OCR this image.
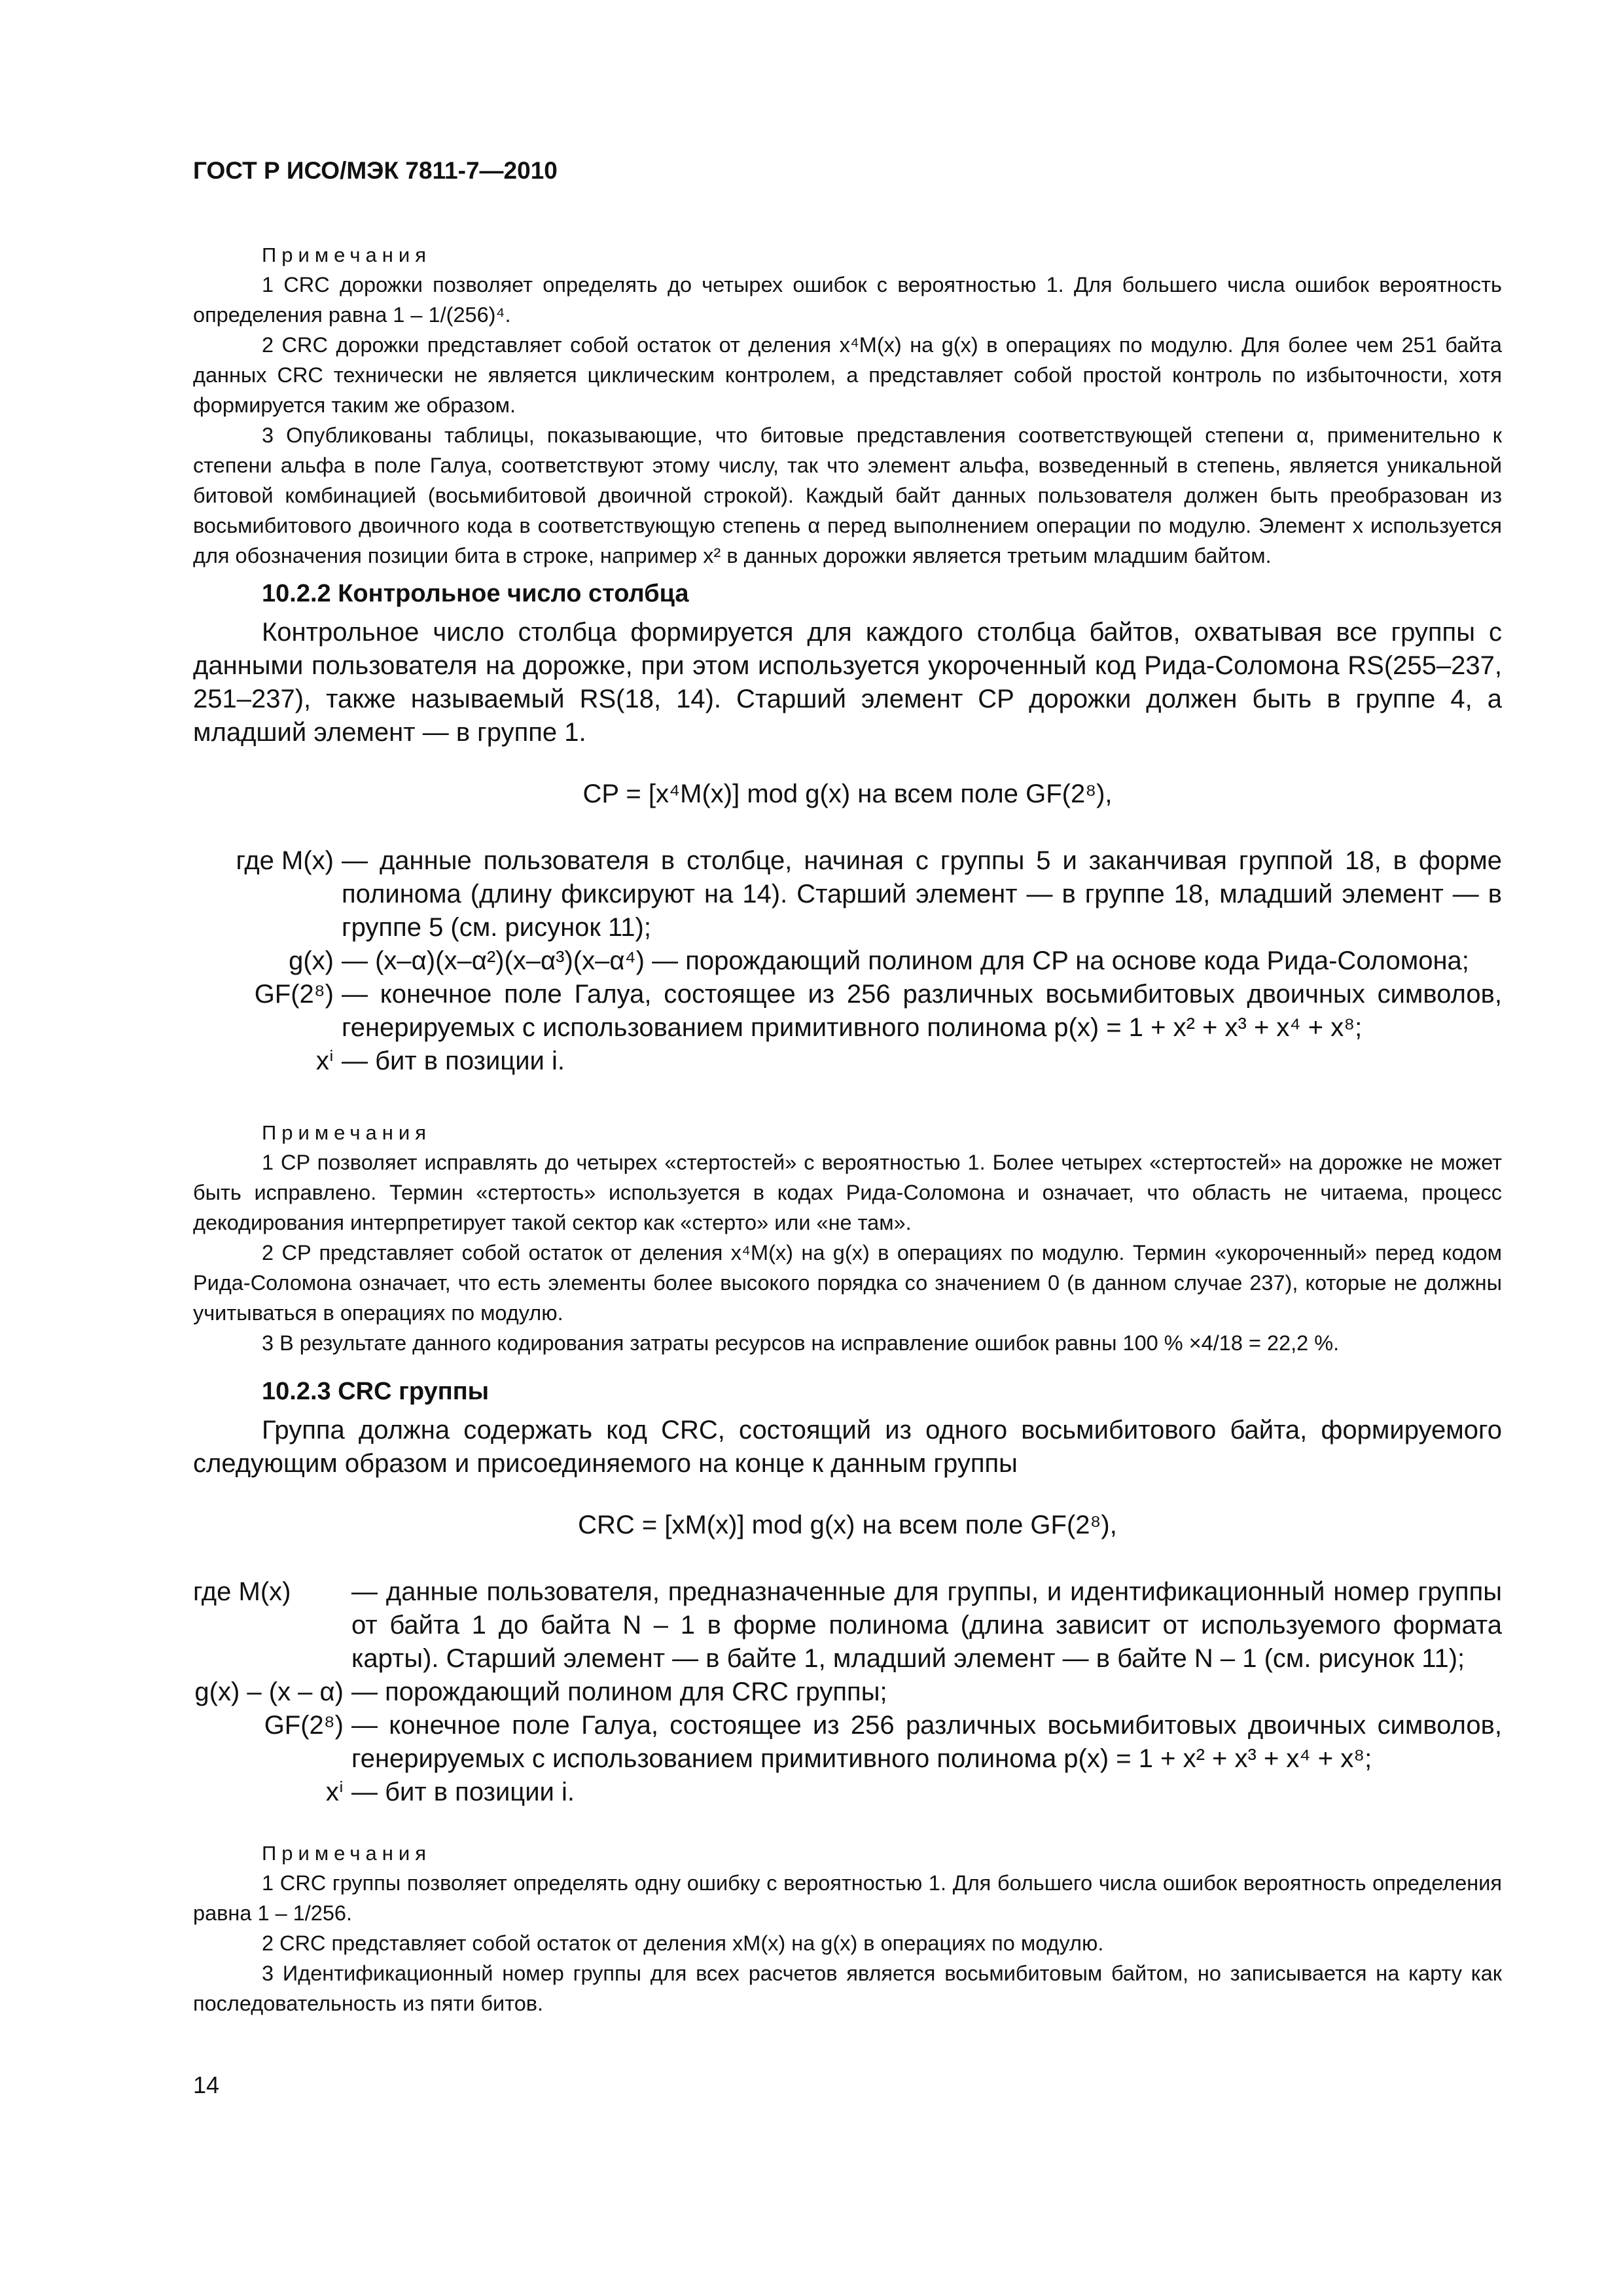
ГОСТ Р ИСО/МЭК 7811-7—2010
Примечания

1 CRC дорожки позволяет определять до четырех ошибок с вероятностью 1. Для большего числа ошибок вероятность определения равна 1 – 1/(256)⁴.

2 CRC дорожки представляет собой остаток от деления x⁴M(x) на g(x) в операциях по модулю. Для более чем 251 байта данных CRC технически не является циклическим контролем, а представляет собой простой контроль по избыточности, хотя формируется таким же образом.

3 Опубликованы таблицы, показывающие, что битовые представления соответствующей степени α, применительно к степени альфа в поле Галуа, соответствуют этому числу, так что элемент альфа, возведенный в степень, является уникальной битовой комбинацией (восьмибитовой двоичной строкой). Каждый байт данных пользователя должен быть преобразован из восьмибитового двоичного кода в соответствующую степень α перед выполнением операции по модулю. Элемент x используется для обозначения позиции бита в строке, например x² в данных дорожки является третьим младшим байтом.

10.2.2 Контрольное число столбца

Контрольное число столбца формируется для каждого столбца байтов, охватывая все группы с данными пользователя на дорожке, при этом используется укороченный код Рида-Соломона RS(255–237, 251–237), также называемый RS(18, 14). Старший элемент CP дорожки должен быть в группе 4, а младший элемент — в группе 1.

CP = [x⁴M(x)] mod g(x) на всем поле GF(2⁸),
где M(x)	— данные пользователя в столбце, начиная с группы 5 и заканчивая группой 18, в форме полинома (длину фиксируют на 14). Старший элемент — в группе 18, младший элемент — в группе 5 (см. рисунок 11);
g(x)	— (x–α)(x–α²)(x–α³)(x–α⁴) — порождающий полином для CP на основе кода Рида-Соломона;
GF(2⁸)	— конечное поле Галуа, состоящее из 256 различных восьмибитовых двоичных символов, генерируемых с использованием примитивного полинома p(x) = 1 + x² + x³ + x⁴ + x⁸;
xⁱ	— бит в позиции i.
Примечания

1 CP позволяет исправлять до четырех «стертостей» с вероятностью 1. Более четырех «стертостей» на дорожке не может быть исправлено. Термин «стертость» используется в кодах Рида-Соломона и означает, что область не читаема, процесс декодирования интерпретирует такой сектор как «стерто» или «не там».

2 CP представляет собой остаток от деления x⁴M(x) на g(x) в операциях по модулю. Термин «укороченный» перед кодом Рида-Соломона означает, что есть элементы более высокого порядка со значением 0 (в данном случае 237), которые не должны учитываться в операциях по модулю.

3 В результате данного кодирования затраты ресурсов на исправление ошибок равны 100 % ×4/18 = 22,2 %.

10.2.3 CRC группы

Группа должна содержать код CRC, состоящий из одного восьмибитового байта, формируемого следующим образом и присоединяемого на конце к данным группы

CRC = [xM(x)] mod g(x) на всем поле GF(2⁸),
где M(x)	— данные пользователя, предназначенные для группы, и идентификационный номер группы от байта 1 до байта N – 1 в форме полинома (длина зависит от используемого формата карты). Старший элемент — в байте 1, младший элемент — в байте N – 1 (см. рисунок 11);
g(x) – (x – α)	— порождающий полином для CRC группы;
GF(2⁸)	— конечное поле Галуа, состоящее из 256 различных восьмибитовых двоичных символов, генерируемых с использованием примитивного полинома p(x) = 1 + x² + x³ + x⁴ + x⁸;
xⁱ	— бит в позиции i.
Примечания

1 CRC группы позволяет определять одну ошибку с вероятностью 1. Для большего числа ошибок вероятность определения равна 1 – 1/256.

2 CRC представляет собой остаток от деления xM(x) на g(x) в операциях по модулю.

3 Идентификационный номер группы для всех расчетов является восьмибитовым байтом, но записывается на карту как последовательность из пяти битов.

14
